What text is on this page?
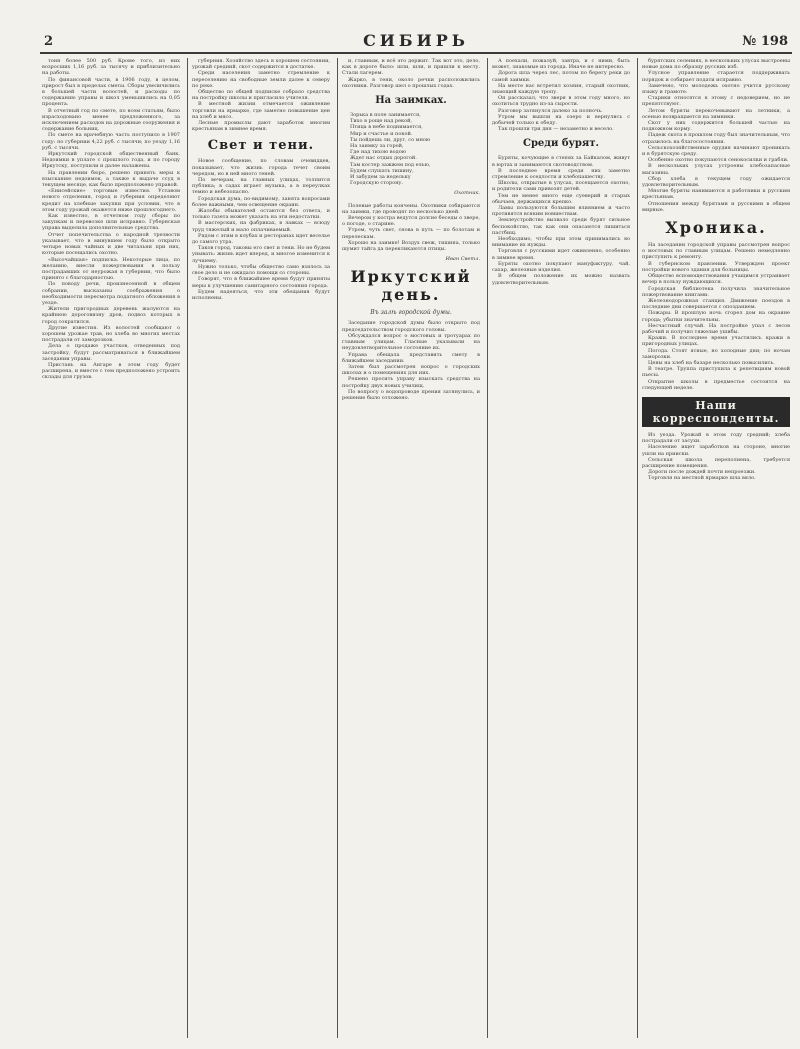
2	СИБИРЬ	№ 198

тонн более 500 руб. Кроме того, из них возросших 1,16 руб. за тысячу и приблизительно на работы.

По финансовой части, в 1906 году, в целом, прирост был в пределах сметы. Сборы увеличились в большей части волостей, и расходы по содержанию управы и школ уменьшились на 0,05 процента.

В отчетный год по смете, по всем статьям, было израсходовано менее предложенного, за исключением расходов на дорожные сооружения и содержание больниц.

По смете на врачебную часть поступило в 1907 году: по губернии 4,22 руб. с тысячи; по уезду 1,16 руб. с тысячи.

Иркутский городской общественный банк. Недоимки в уплате с прошлого года, и по городу Иркутску, поступили и далее налажены.

На правлении бюро, решено принять меры к взысканию недоимок, а также к выдаче ссуд в текущем месяце, как было предположено управой.

«Енисейские» торговые известия. Уставом нового отделения, город и губерния определяют кредит на хлебные закупки при условии, что в этом году урожай окажется ниже прошлогоднего.

Как известно, в отчетном году сборы по закупкам и перевозке шли исправно. Губернская управа выделила дополнительные средства.

Отчет попечительства о народной трезвости указывает, что в минувшем году было открыто четыре новых чайных и две читальни при них, которые посещались охотно.

«Высочайшая» подписка. Некоторые лица, по желанию, внесли пожертвования в пользу пострадавших от неурожая в губернии, что было принято с благодарностью.

По поводу речи, произнесенной в общем собрании, высказаны соображения о необходимости пересмотра податного обложения в уезде.

Жители пригородных деревень жалуются на крайнюю дороговизну дров, подвоз которых в город сократился.

Другие известия. Из волостей сообщают о хорошем урожае трав, но хлеба во многих местах пострадали от заморозков.

Дела о продаже участков, отведенных под застройку, будут рассматриваться в ближайшем заседании управы.

Пристань на Ангаре в этом году будет расширена, и вместе с тем предположено устроить склады для грузов.

губерния. Хозяйство здесь в хорошем состоянии, урожай средний, скот содержится в достатке.

Среди населения заметно стремление к переселению на свободные земли далее к северу по реке.

Общество по общей подписке собрало средства на постройку школы и пригласило учителя.

В местной жизни отмечается оживление торговли на ярмарке, где заметно повышение цен на хлеб и мясо.

Лесные промыслы дают заработок многим крестьянам в зимнее время.

Свет и тени.

Новое сообщение, по словам очевидцев, показывает, что жизнь города течет своим чередом, но в ней много теней.

По вечерам, на главных улицах, толпится публика; в садах играет музыка, а в переулках темно и небезопасно.

Городская дума, по-видимому, занята вопросами более важными, чем освещение окраин.

Жалобы обывателей остаются без ответа, и только газета может указать на эти недостатки.

В мастерских, на фабриках, в лавках — всюду труд тяжелый и мало оплачиваемый.

Рядом с этим в клубах и ресторанах идет веселье до самого утра.

Таков город, таковы его свет и тени. Но не будем унывать: жизнь идет вперед, и многое изменится к лучшему.

Нужно только, чтобы общество само взялось за свое дело и не ожидало помощи со стороны.

Говорят, что в ближайшее время будут приняты меры к улучшению санитарного состояния города.

Будем надеяться, что эти обещания будут исполнены.

и, главным, и всё это держит. Так вот это, дело, как в дороге было: шли, шли, и пришли к месту. Стали лагерем.

Жарко, в тени, около речки расположились охотники. Разговор шел о прошлых годах.

На заимках.

Зорька в поле занимается,

Тихо в роще над рекой,

Птица в небе поднимается,

Мир и счастье и покой.

Ты пойдешь ли, друг, со мною

На заимку за горой,

Где над тихою водою

Ждет нас отдых дорогой.

Там костер зажжем под елью,

Будем слушать тишину,

И забудем за недельку

Городскую сторону.

Охотник.

Полевые работы кончены. Охотники собираются на заимки, где проводят по несколько дней.

Вечером у костра ведутся долгие беседы о звере, о погоде, о старине.

Утром, чуть свет, снова в путь — по болотам и перелескам.

Хорошо на заимке! Воздух свеж, тишина, только шумит тайга да перекликаются птицы.

Иван Светл.
Иркутский день.
Въ залѣ городской думы.

Заседание городской думы было открыто под председательством городского головы.

Обсуждался вопрос о мостовых и тротуарах по главным улицам. Гласные указывали на неудовлетворительное состояние их.

Управа обещала представить смету в ближайшем заседании.

Затем был рассмотрен вопрос о городских школах и о помещениях для них.

Решено просить управу изыскать средства на постройку двух новых училищ.

По вопросу о водопроводе прения затянулись, и решение было отложено.

А поехали, пожалуй, завтра, и с ними, быть может, знакомые из города. Иначе не интересно.

Дорога шла через лес, потом по берегу реки до самой заимки.

На месте нас встретил хозяин, старый охотник, знающий каждую тропу.

Он рассказал, что зверя в этом году много, но охотиться трудно из-за сырости.

Разговор затянулся далеко за полночь.

Утром мы вышли на озеро и вернулись с добычей только к обеду.

Так прошли три дня — незаметно и весело.

Среди бурят.

Буряты, кочующие в степях за Байкалом, живут в юртах и занимаются скотоводством.

В последнее время среди них заметно стремление к оседлости и хлебопашеству.

Школы, открытые в улусах, посещаются охотно, и родители сами привозят детей.

Тем не менее много еще суеверий и старых обычаев, держащихся крепко.

Ламы пользуются большим влиянием и часто противятся всяким новшествам.

Землеустройство вызвало среди бурят сильное беспокойство, так как они опасаются лишиться пастбищ.

Необходимо, чтобы при этом принимались во внимание их нужды.

Торговля с русскими идет оживленно, особенно в зимнее время.

Буряты охотно покупают мануфактуру, чай, сахар, железные изделия.

В общем положение их можно назвать удовлетворительным.

бурятских селениях, в нескольких улусах выстроены новые дома по образцу русских изб.

Улусное управление старается поддерживать порядок и собирает подати исправно.

Замечено, что молодежь охотно учится русскому языку и грамоте.

Старики относятся к этому с недоверием, но не препятствуют.

Летом буряты перекочевывают на летники, а осенью возвращаются на зимники.

Скот у них содержится большей частью на подножном корму.

Падеж скота в прошлом году был значительным, что отразилось на благосостоянии.

Сельскохозяйственные орудия начинают проникать и в бурятскую среду.

Особенно охотно покупаются сенокосилки и грабли.

В нескольких улусах устроены хлебозапасные магазины.

Сбор хлеба в текущем году ожидается удовлетворительным.

Многие буряты нанимаются в работники к русским крестьянам.

Отношения между бурятами и русскими в общем мирные.

Хроника.

На заседании городской управы рассмотрен вопрос о мостовых по главным улицам. Решено немедленно приступить к ремонту.

В губернском правлении. Утвержден проект постройки нового здания для больницы.

Общество вспомоществования учащимся устраивает вечер в пользу нуждающихся.

Городская библиотека получила значительное пожертвование книгами.

Железнодорожная станция. Движение поездов в последние дни совершается с опозданием.

Пожары. В прошлую ночь сгорел дом на окраине города; убытки значительны.

Несчастный случай. На постройке упал с лесов рабочий и получил тяжелые ушибы.

Кражи. В последнее время участились кражи в пригородных улицах.

Погода. Стоят ясные, но холодные дни; по ночам заморозки.

Цены на хлеб на базаре несколько повысились.

В театре. Труппа приступила к репетициям новой пьесы.

Открытие школы в предместье состоится на следующей неделе.

Наши корреспонденты.

Из уезда. Урожай в этом году средний; хлеба пострадали от засухи.

Население ищет заработков на стороне, многие ушли на прииски.

Сельская школа переполнена, требуется расширение помещения.

Дороги после дождей почти непроезжи.

Торговля на местной ярмарке шла вяло.
